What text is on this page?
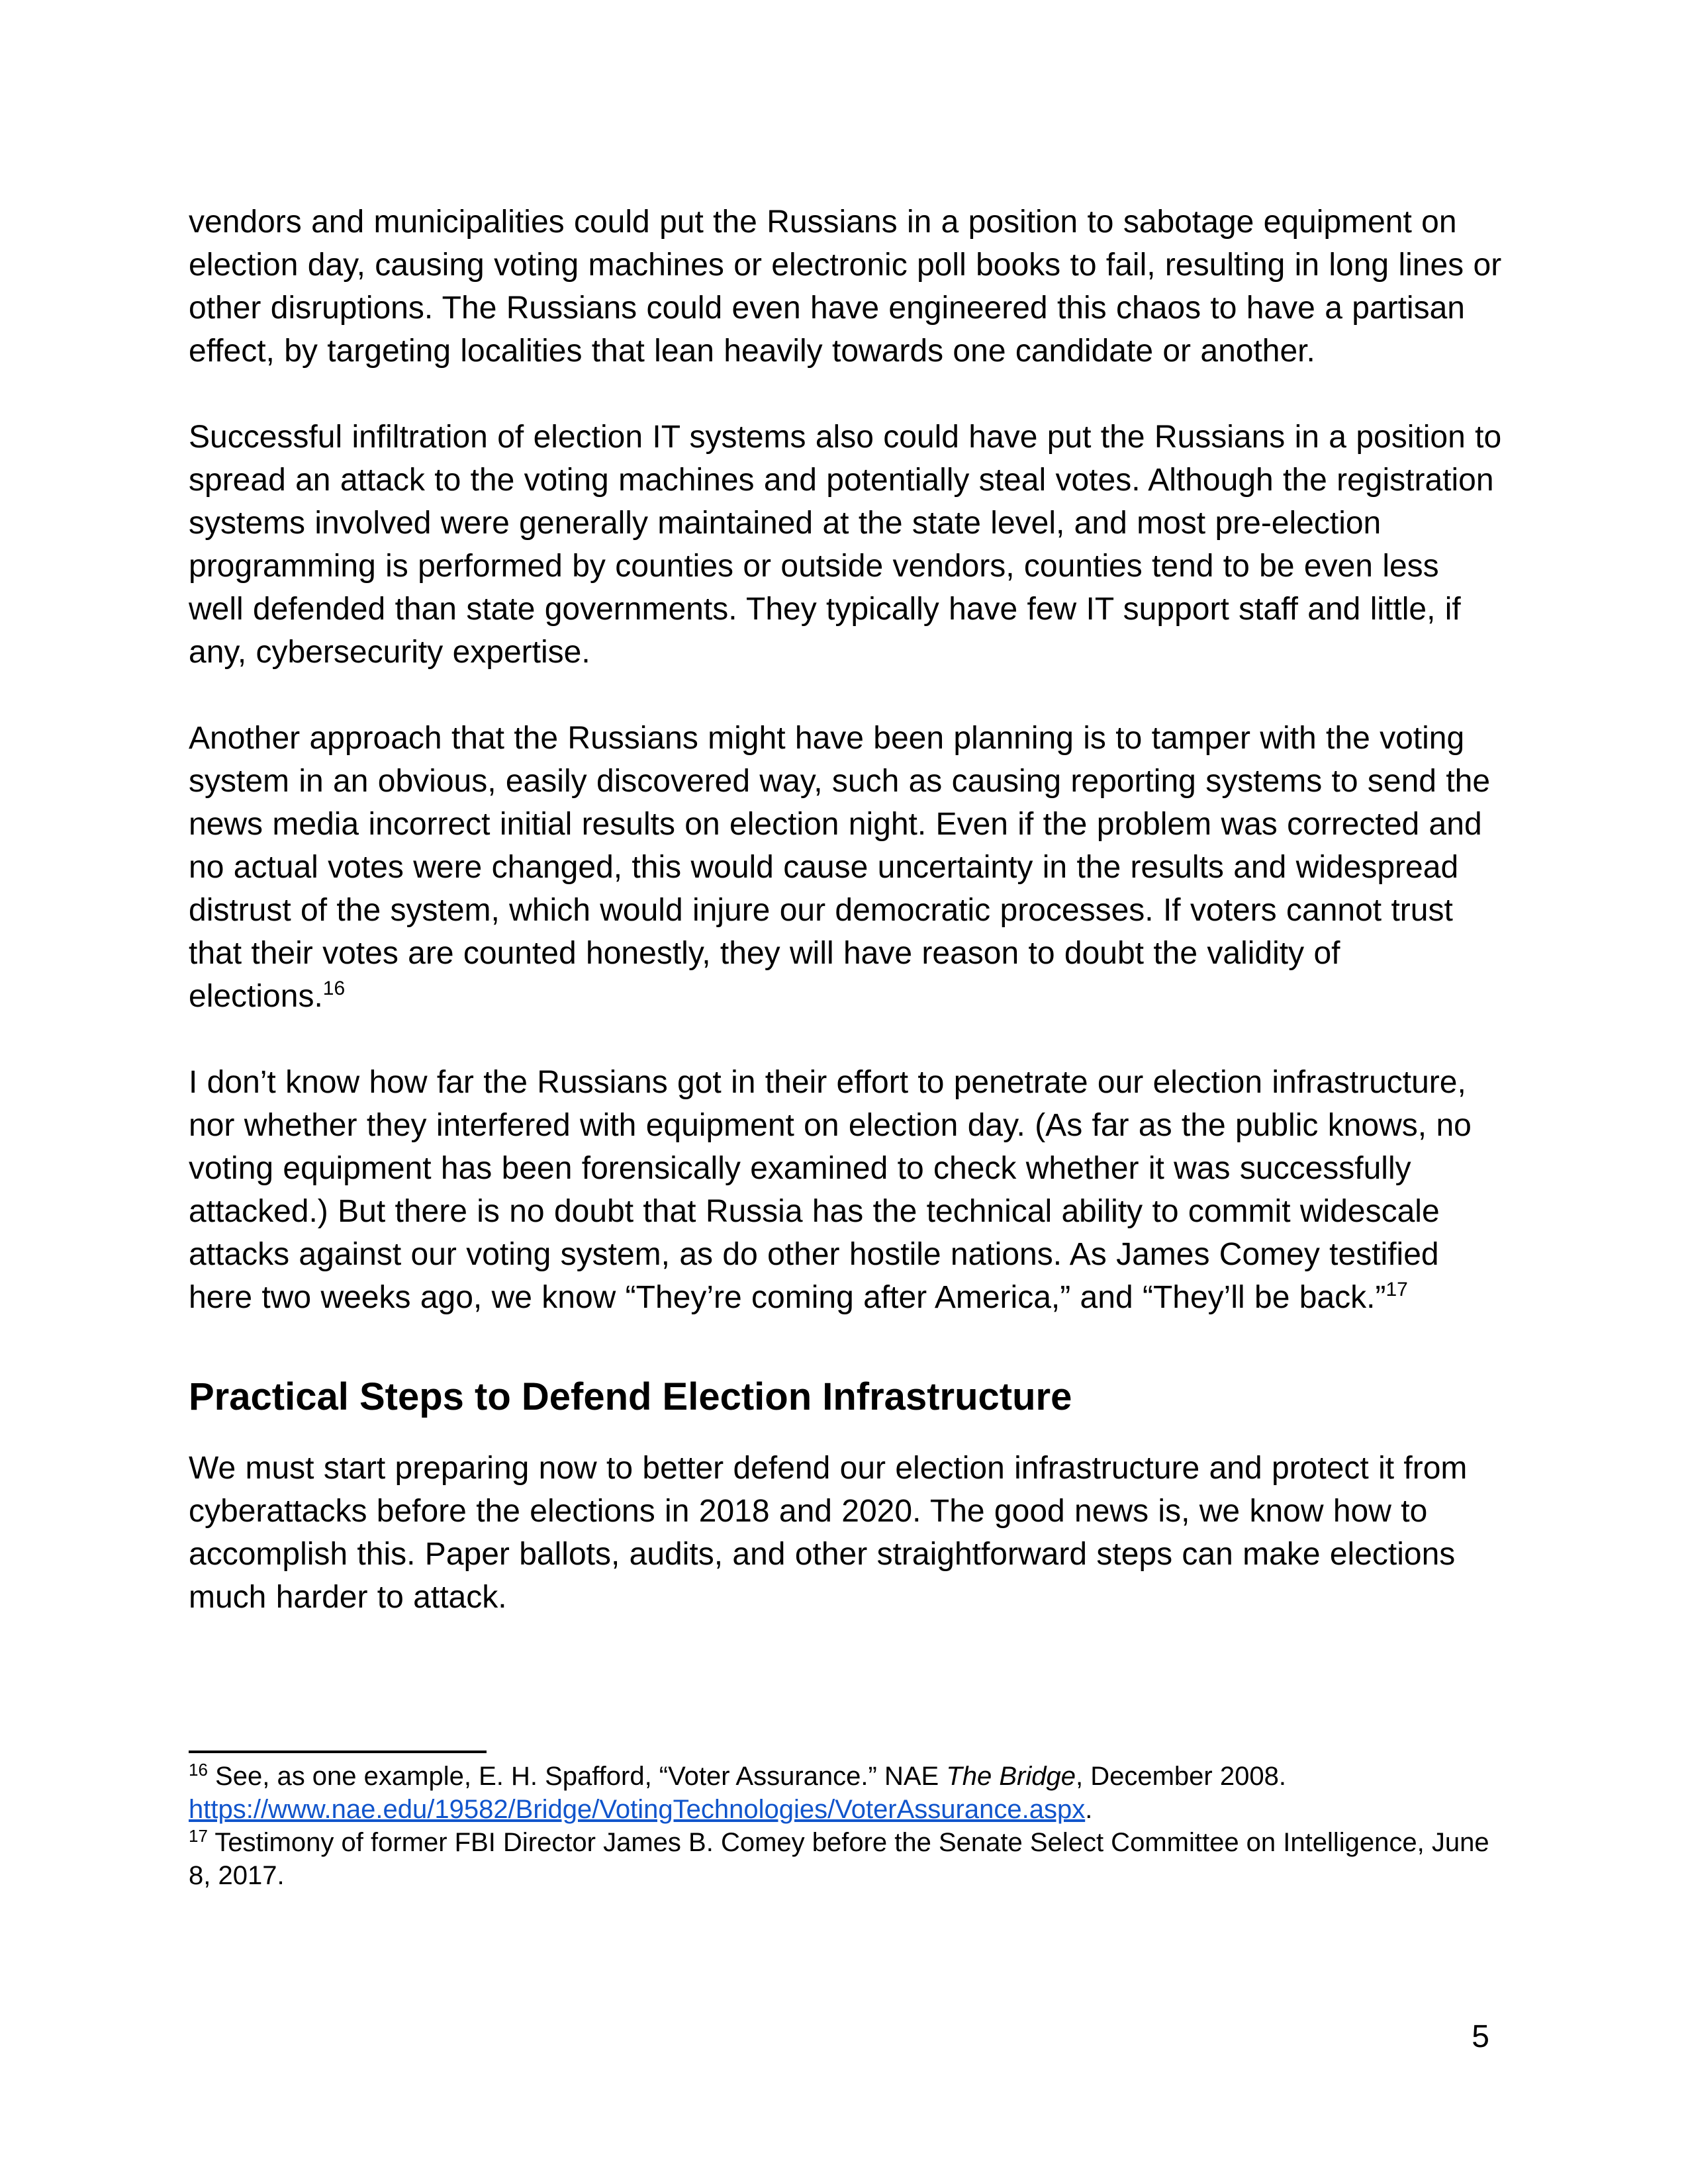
vendors and municipalities could put the Russians in a position to sabotage equipment on election day, causing voting machines or electronic poll books to fail, resulting in long lines or other disruptions. The Russians could even have engineered this chaos to have a partisan effect, by targeting localities that lean heavily towards one candidate or another.

Successful infiltration of election IT systems also could have put the Russians in a position to spread an attack to the voting machines and potentially steal votes. Although the registration systems involved were generally maintained at the state level, and most pre-election programming is performed by counties or outside vendors, counties tend to be even less well defended than state governments. They typically have few IT support staff and little, if any, cybersecurity expertise.

Another approach that the Russians might have been planning is to tamper with the voting system in an obvious, easily discovered way, such as causing reporting systems to send the news media incorrect initial results on election night. Even if the problem was corrected and no actual votes were changed, this would cause uncertainty in the results and widespread distrust of the system, which would injure our democratic processes. If voters cannot trust that their votes are counted honestly, they will have reason to doubt the validity of elections.$^{16}$

I don’t know how far the Russians got in their effort to penetrate our election infrastructure, nor whether they interfered with equipment on election day. (As far as the public knows, no voting equipment has been forensically examined to check whether it was successfully attacked.) But there is no doubt that Russia has the technical ability to commit widescale attacks against our voting system, as do other hostile nations. As James Comey testified here two weeks ago, we know “They’re coming after America,” and “They’ll be back.”$^{17}$

Practical Steps to Defend Election Infrastructure

We must start preparing now to better defend our election infrastructure and protect it from cyberattacks before the elections in 2018 and 2020. The good news is, we know how to accomplish this. Paper ballots, audits, and other straightforward steps can make elections much harder to attack.

$^{16}$ See, as one example, E. H. Spafford, “Voter Assurance.” NAE The Bridge, December 2008. https://www.nae.edu/19582/Bridge/VotingTechnologies/VoterAssurance.aspx.

$^{17}$ Testimony of former FBI Director James B. Comey before the Senate Select Committee on Intelligence, June 8, 2017.

5
